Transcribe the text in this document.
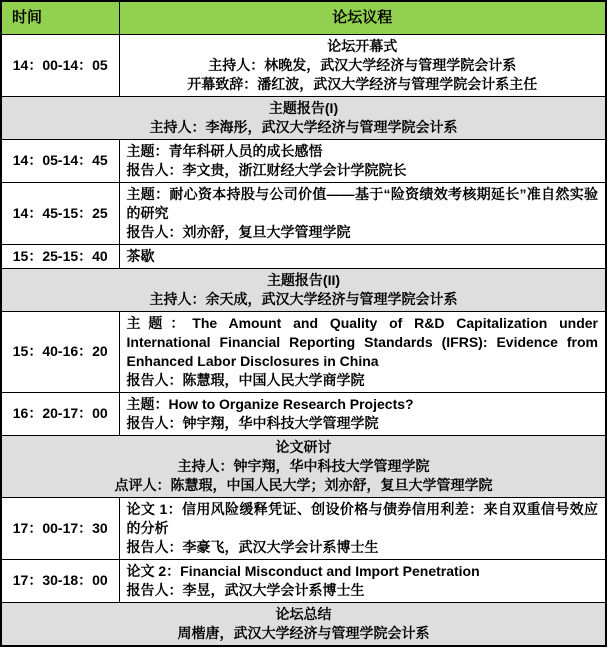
时间	论坛议程
14：00-14：05	论坛开幕式

主持人：林晚发，武汉大学经济与管理学院会计系

开幕致辞：潘红波，武汉大学经济与管理学院会计系主任

主题报告(I)

主持人：李海彤，武汉大学经济与管理学院会计系	

14：05-14：45	主题：青年科研人员的成长感悟

报告人：李文贵，浙江财经大学会计学院院长

14：45-15：25	主题：耐心资本持股与公司价值——基于“险资绩效考核期延长”准自然实验的研究

报告人：刘亦舒，复旦大学管理学院

15：25-15：40	茶歇

主题报告(II)

主持人：余天成，武汉大学经济与管理学院会计系	

15：40-16：20	主题：The Amount and Quality of R&D Capitalization under International Financial Reporting Standards (IFRS): Evidence from Enhanced Labor Disclosures in China

报告人：陈慧瑕，中国人民大学商学院

16：20-17：00	主题：How to Organize Research Projects?

报告人：钟宇翔，华中科技大学管理学院

论文研讨

主持人：钟宇翔，华中科技大学管理学院

点评人：陈慧瑕，中国人民大学；刘亦舒，复旦大学管理学院	

17：00-17：30	论文 1：信用风险缓释凭证、创设价格与债券信用利差：来自双重信号效应的分析

报告人：李豪飞，武汉大学会计系博士生

17：30-18：00	论文 2：Financial Misconduct and Import Penetration

报告人：李昱，武汉大学会计系博士生

论坛总结

周楷唐，武汉大学经济与管理学院会计系	
